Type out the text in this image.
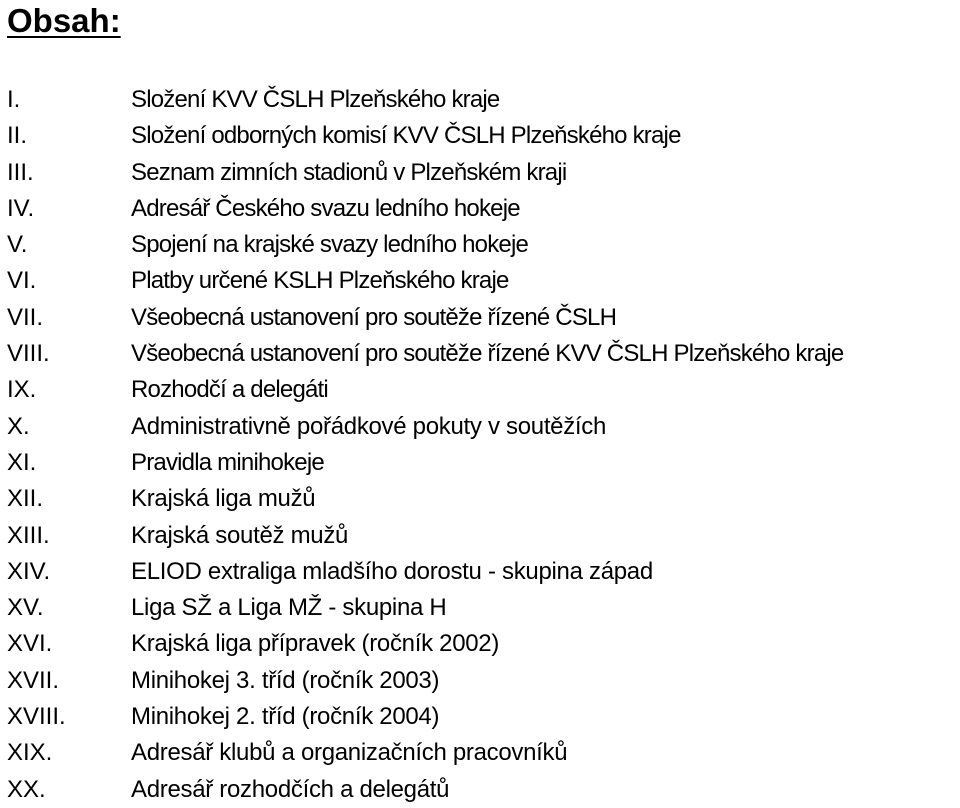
Obsah:
I.	Složení KVV ČSLH Plzeňského kraje
II.	Složení odborných komisí KVV ČSLH Plzeňského kraje
III.	Seznam zimních stadionů v Plzeňském kraji
IV.	Adresář Českého svazu ledního hokeje
V.	Spojení na krajské svazy ledního hokeje
VI.	Platby určené KSLH Plzeňského kraje
VII.	Všeobecná ustanovení pro soutěže řízené ČSLH
VIII.	Všeobecná ustanovení pro soutěže řízené KVV ČSLH Plzeňského kraje
IX.	Rozhodčí a delegáti
X.	Administrativně pořádkové pokuty v soutěžích
XI.	Pravidla minihokeje
XII.	Krajská liga mužů
XIII.	Krajská soutěž mužů
XIV.	ELIOD extraliga mladšího dorostu - skupina západ
XV.	Liga SŽ a Liga MŽ - skupina H
XVI.	Krajská liga přípravek (ročník 2002)
XVII.	Minihokej 3. tříd (ročník 2003)
XVIII.	Minihokej 2. tříd (ročník 2004)
XIX.	Adresář klubů a organizačních pracovníků
XX.	Adresář rozhodčích a delegátů
